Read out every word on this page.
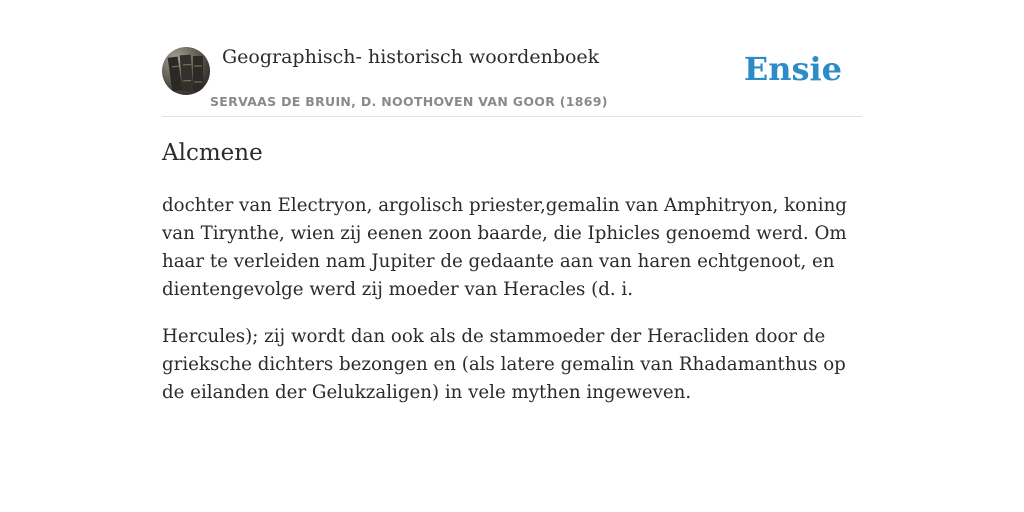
Geographisch- historisch woordenboek
SERVAAS DE BRUIN, D. NOOTHOVEN VAN GOOR (1869)
Ensie
Alcmene

dochter van Electryon, argolisch priester,gemalin van Amphitryon, koning van Tirynthe, wien zij eenen zoon baarde, die Iphicles genoemd werd. Om haar te verleiden nam Jupiter de gedaante aan van haren echtgenoot, en dientengevolge werd zij moeder van Heracles (d. i.

Hercules); zij wordt dan ook als de stammoeder der Heracliden door de grieksche dichters bezongen en (als latere gemalin van Rhadamanthus op de eilanden der Gelukzaligen) in vele mythen ingeweven.
